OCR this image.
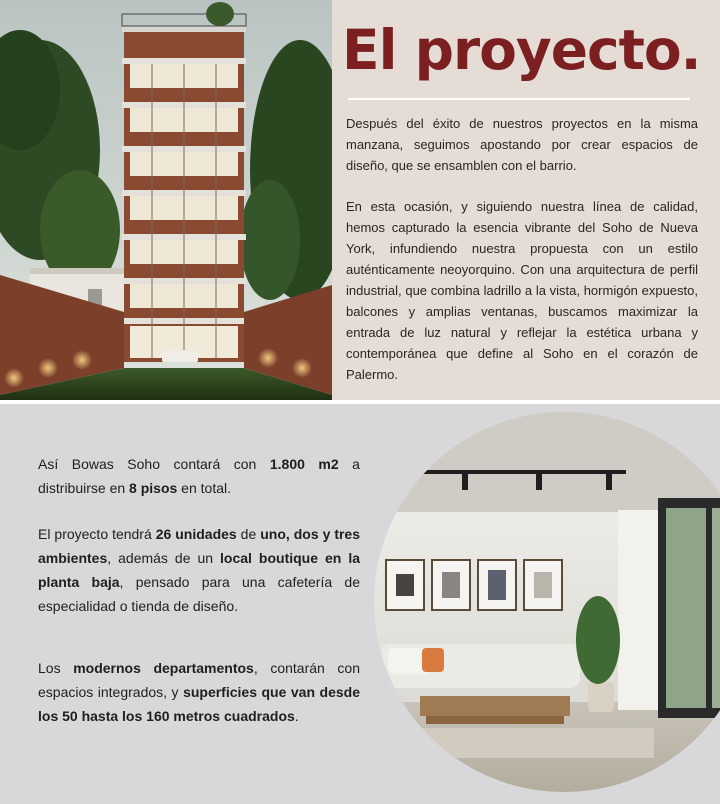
El proyecto.

Después del éxito de nuestros proyectos en la misma manzana, seguimos apostando por crear espacios de diseño, que se ensamblen con el barrio.

En esta ocasión, y siguiendo nuestra línea de calidad, hemos capturado la esencia vibrante del Soho de Nueva York, infundiendo nuestra propuesta con un estilo auténticamente neoyorquino. Con una arquitectura de perfil industrial, que combina ladrillo a la vista, hormigón expuesto, balcones y amplias ventanas, buscamos maximizar la entrada de luz natural y reflejar la estética urbana y contemporánea que define al Soho en el corazón de Palermo.

Así Bowas Soho contará con 1.800 m2 a distribuirse en 8 pisos en total.

El proyecto tendrá 26 unidades de uno, dos y tres ambientes, además de un local boutique en la planta baja, pensado para una cafetería de especialidad o tienda de diseño.

Los modernos departamentos, contarán con espacios integrados, y superficies que van desde los 50 hasta los 160 metros cuadrados.
